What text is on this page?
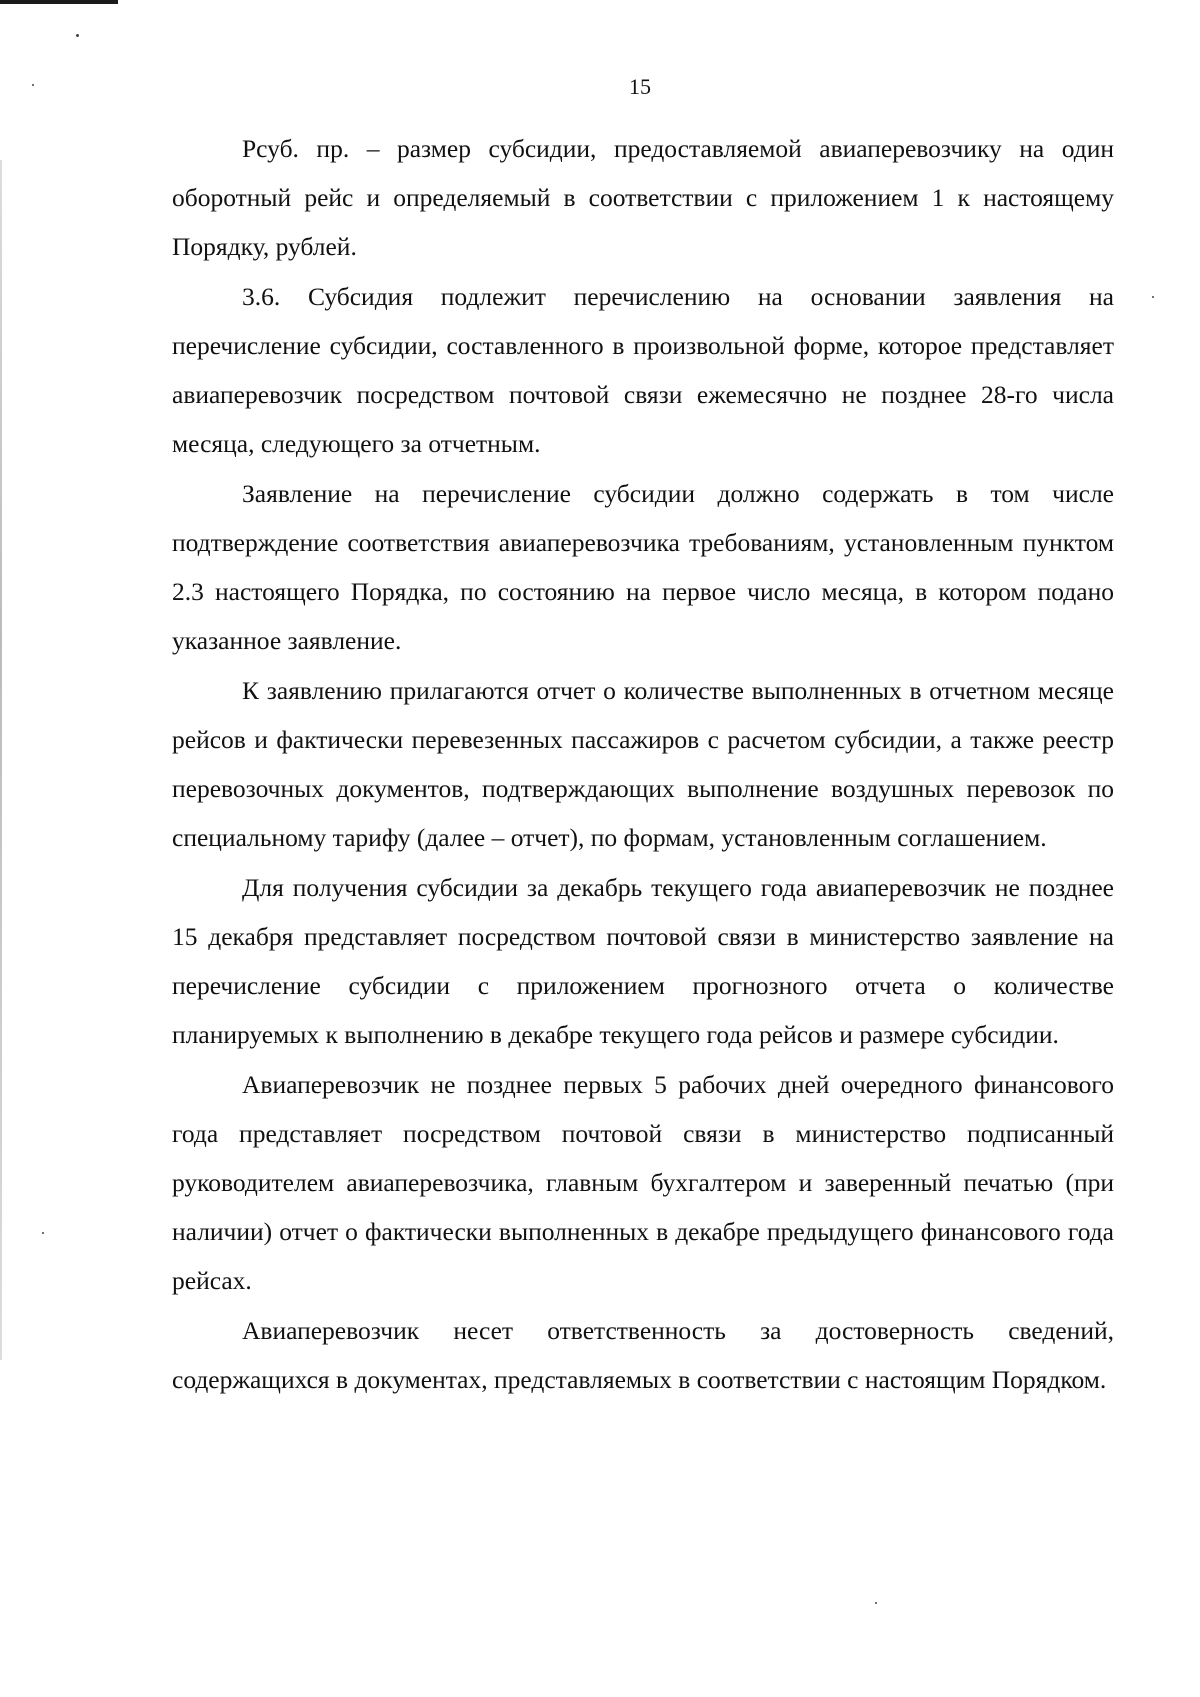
15

Рсуб. пр. – размер субсидии, предоставляемой авиаперевозчику на один оборотный рейс и определяемый в соответствии с приложением 1 к настоящему Порядку, рублей.

3.6. Субсидия подлежит перечислению на основании заявления на перечисление субсидии, составленного в произвольной форме, которое представляет авиаперевозчик посредством почтовой связи ежемесячно не позднее 28-го числа месяца, следующего за отчетным.

Заявление на перечисление субсидии должно содержать в том числе подтверждение соответствия авиаперевозчика требованиям, установленным пунктом 2.3 настоящего Порядка, по состоянию на первое число месяца, в котором подано указанное заявление.

К заявлению прилагаются отчет о количестве выполненных в отчетном месяце рейсов и фактически перевезенных пассажиров с расчетом субсидии, а также реестр перевозочных документов, подтверждающих выполнение воздушных перевозок по специальному тарифу (далее – отчет), по формам, установленным соглашением.

Для получения субсидии за декабрь текущего года авиаперевозчик не позднее 15 декабря представляет посредством почтовой связи в министерство заявление на перечисление субсидии с приложением прогнозного отчета о количестве планируемых к выполнению в декабре текущего года рейсов и размере субсидии.

Авиаперевозчик не позднее первых 5 рабочих дней очередного финансового года представляет посредством почтовой связи в министерство подписанный руководителем авиаперевозчика, главным бухгалтером и заверенный печатью (при наличии) отчет о фактически выполненных в декабре предыдущего финансового года рейсах.

Авиаперевозчик несет ответственность за достоверность сведений, содержащихся в документах, представляемых в соответствии с настоящим Порядком.
